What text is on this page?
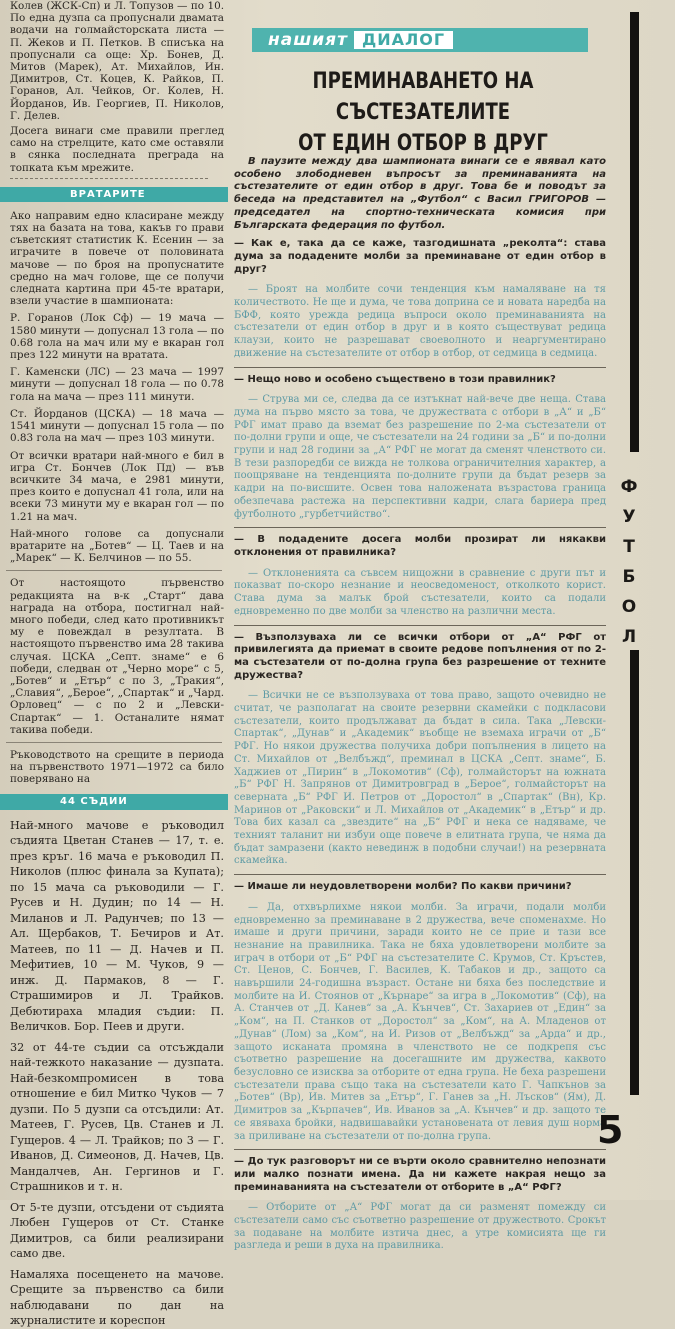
Колев (ЖСК-Сп) и Л. Топузов — по 10. По една дузпа са пропуснали двамата водачи на голмайсторската листа — П. Жеков и П. Петков. В списъка на пропуснали са още: Хр. Бонев, Д. Митов (Марек), Ат. Михайлов, Ин. Димитров, Ст. Коцев, К. Райков, П. Горанов, Ал. Чейков, Ог. Колев, Н. Йорданов, Ив. Георгиев, П. Николов, Г. Делев.

Досега винаги сме правили преглед само на стрелците, като сме оставяли в сянка последната преграда на топката към мрежите.

ВРАТАРИТЕ

Ако направим едно класиране между тях на базата на това, какъв го прави съветският статистик К. Есенин — за играчите в повече от половината мачове — по броя на пропуснатите средно на мач голове, ще се получи следната картина при 45-те вратари, взели участие в шампионата:

Р. Горанов (Лок Сф) — 19 мача — 1580 минути — допуснал 13 гола — по 0.68 гола на мач или му е вкаран гол през 122 минути на вратата.

Г. Каменски (ЛС) — 23 мача — 1997 минути — допуснал 18 гола — по 0.78 гола на мача — през 111 минути.

Ст. Йорданов (ЦСКА) — 18 мача — 1541 минути — допуснал 15 гола — по 0.83 гола на мач — през 103 минути.

От всички вратари най-много е бил в игра Ст. Бончев (Лок Пд) — във всичките 34 мача, е 2981 минути, през които е допуснал 41 гола, или на всеки 73 минути му е вкаран гол — по 1.21 на мач.

Най-много голове са допуснали вратарите на „Ботев“ — Ц. Таев и на „Марек“ — К. Белчинов — по 55.

От настоящото първенство редакцията на в-к „Старт“ дава награда на отбора, постигнал най-много победи, след като противникът му е повеждал в резултата. В настоящото първенство има 28 такива случая. ЦСКА „Септ. знаме“ е 6 победи, следван от „Черно море“ с 5, „Ботев“ и „Етър“ с по 3, „Тракия“, „Славия“, „Берое“, „Спартак“ и „Чард. Орловец“ — с по 2 и „Левски-Спартак“ — 1. Останалите нямат такива победи.

Ръководството на срещите в периода на първенството 1971—1972 са било поверявано на

44 СЪДИИ

Най-много мачове е ръководил съдията Цветан Станев — 17, т. е. през кръг. 16 мача е ръководил П. Николов (плюс финала за Купата); по 15 мача са ръководили — Г. Русев и Н. Дудин; по 14 — Н. Миланов и Л. Радунчев; по 13 — Ал. Щербаков, Т. Бечиров и Ат. Матеев, по 11 — Д. Начев и П. Мефитиев, 10 — М. Чуков, 9 — инж. Д. Пармаков, 8 — Г. Страшимиров и Л. Трайков. Дебютираха младия съдии: П. Величков. Бор. Пеев и други.

32 от 44-те съдии са отсъждали най-тежкото наказание — дузпата. Най-безкомпромисен в това отношение е бил Митко Чуков — 7 дузпи. По 5 дузпи са отсъдили: Ат. Матеев, Г. Русев, Цв. Станев и Л. Гущеров. 4 — Л. Трайков; по 3 — Г. Иванов, Д. Симеонов, Д. Начев, Цв. Мандалчев, Ан. Гергинов и Г. Страшников и т. н.

От 5-те дузпи, отсъдени от съдията Любен Гущеров от Ст. Станке Димитров, са били реализирани само две.

Намаляха посещенето на мачове. Срещите за първенство са били наблюдавани по дан на журналистите и кореспон

нашият ДИАЛОГ
ПРЕМИНАВАНЕТО НА СЪСТЕЗАТЕЛИТЕ
ОТ ЕДИН ОТБОР В ДРУГ

В паузите между два шампионата винаги се е явявал като особено злободневен въпросът за преминаванията на състезателите от един отбор в друг. Това бе и поводът за беседа на представител на „Футбол“ с Васил ГРИГОРОВ — председател на спортно-техническата комисия при Българската федерация по футбол.

— Как е, така да се каже, тазгодишната „реколта“: става дума за подадените молби за преминаване от един отбор в друг?

— Броят на молбите сочи тенденция към намаляване на тя количеството. Не ще и дума, че това доприна се и новата наредба на БФФ, която урежда редица въпроси около преминаванията на състезатели от един отбор в друг и в която съществуват редица клаузи, които не разрешават своеволното и неаргументирано движение на състезателите от отбор в отбор, от седмица в седмица.

— Нещо ново и особено съществено в този правилник?

— Струва ми се, следва да се изтъкнат най-вече две неща. Става дума на първо място за това, че дружествата с отбори в „А“ и „Б“ РФГ имат право да вземат без разрешение по 2-ма състезатели от по-долни групи и още, че състезатели на 24 години за „Б“ и по-долни групи и над 28 години за „А“ РФГ не могат да сменят членството си. В тези разпоредби се вижда не толкова ограничителния характер, а поощряване на тенденцията по-долните групи да бъдат резерв за кадри на по-висшите. Освен това наложената възрастова граница обезпечава растежа на перспективни кадри, слага бариера пред футболното „гурбетчийство“.

— В подадените досега молби прозират ли някакви отклонения от правилника?

— Отклоненията са съвсем нищожни в сравнение с други път и показват по-скоро незнание и неосведоменост, отколкото корист. Става дума за малък брой състезатели, които са подали едновременно по две молби за членство на различни места.

— Възползуваха ли се всички отбори от „А“ РФГ от привилегията да приемат в своите редове попълнения от по 2-ма състезатели от по-долна група без разрешение от техните дружества?

— Всички не се възползуваха от това право, защото очевидно не считат, че разполагат на своите резервни скамейки с подкласови състезатели, които продължават да бъдат в сила. Така „Левски-Спартак“, „Дунав“ и „Академик“ въобще не вземаха играчи от „Б“ РФГ. Но някои дружества получиха добри попълнения в лицето на Ст. Михайлов от „Велбъжд“, преминал в ЦСКА „Септ. знаме“, Б. Хаджиев от „Пирин“ в „Локомотив“ (Сф), голмайсторът на южната „Б“ РФГ Н. Запрянов от Димитровград в „Берое“, голмайсторът на северната „Б“ РФГ И. Петров от „Доростол“ в „Спартак“ (Вн), Кр. Маринов от „Раковски“ и Л. Михайлов от „Академик“ в „Етър“ и др. Това бих казал са „звездите“ на „Б“ РФГ и нека се надяваме, че техният таланит ни избуи още повече в елитната група, че няма да бъдат замразени (както невединж в подобни случаи!) на резервната скамейка.

— Имаше ли неудовлетворени молби? По какви причини?

— Да, отхвърлихме някои молби. За играчи, подали молби едновременно за преминаване в 2 дружества, вече споменахме. Но имаше и други причини, заради които не се прие и тази все незнание на правилника. Така не бяха удовлетворени молбите за играч в отбори от „Б“ РФГ на състезателите С. Крумов, Ст. Кръстев, Ст. Ценов, С. Бончев, Г. Василев, К. Табаков и др., защото са навършили 24-годишна възраст. Остане ни бяха без последствие и молбите на И. Стоянов от „Кърнаре“ за игра в „Локомотив“ (Сф), на А. Станчев от „Д. Канев“ за „А. Кънчев“, Ст. Захариев от „Един“ за „Ком“, на П. Станков от „Доростол“ за „Ком“, на А. Младенов от „Дунав“ (Лом) за „Ком“, на И. Ризов от „Велбъжд“ за „Арда“ и др., защото исканата промяна в членството не се подкрепя със съответно разрешение на досегашните им дружества, каквото безусловно се изисква за отборите от една група. Не беха разрешени състезатели права също така на състезатели като Г. Чапкънов за „Ботев“ (Вр), Ив. Митев за „Етър“, Г. Ганев за „Н. Лъсков“ (Ям), Д. Димитров за „Кърпачев“, Ив. Иванов за „А. Кънчев“ и др. защото те се явяваха бройки, надвишавайки установената от левия душ норма за приливане на състезатели от по-долна група.

— До тук разговорът ни се върти около сравнително непознати или малко познати имена. Да ни кажете накрая нещо за преминаванията на състезатели от отборите в „А“ РФГ?

— Отборите от „А“ РФГ могат да си разменят помежду си състезатели само със съответно разрешение от дружеството. Срокът за подаване на молбите изтича днес, а утре комисията ще ги разгледа и реши в духа на правилника.

Ф
У
Т
Б
О
Л
5
